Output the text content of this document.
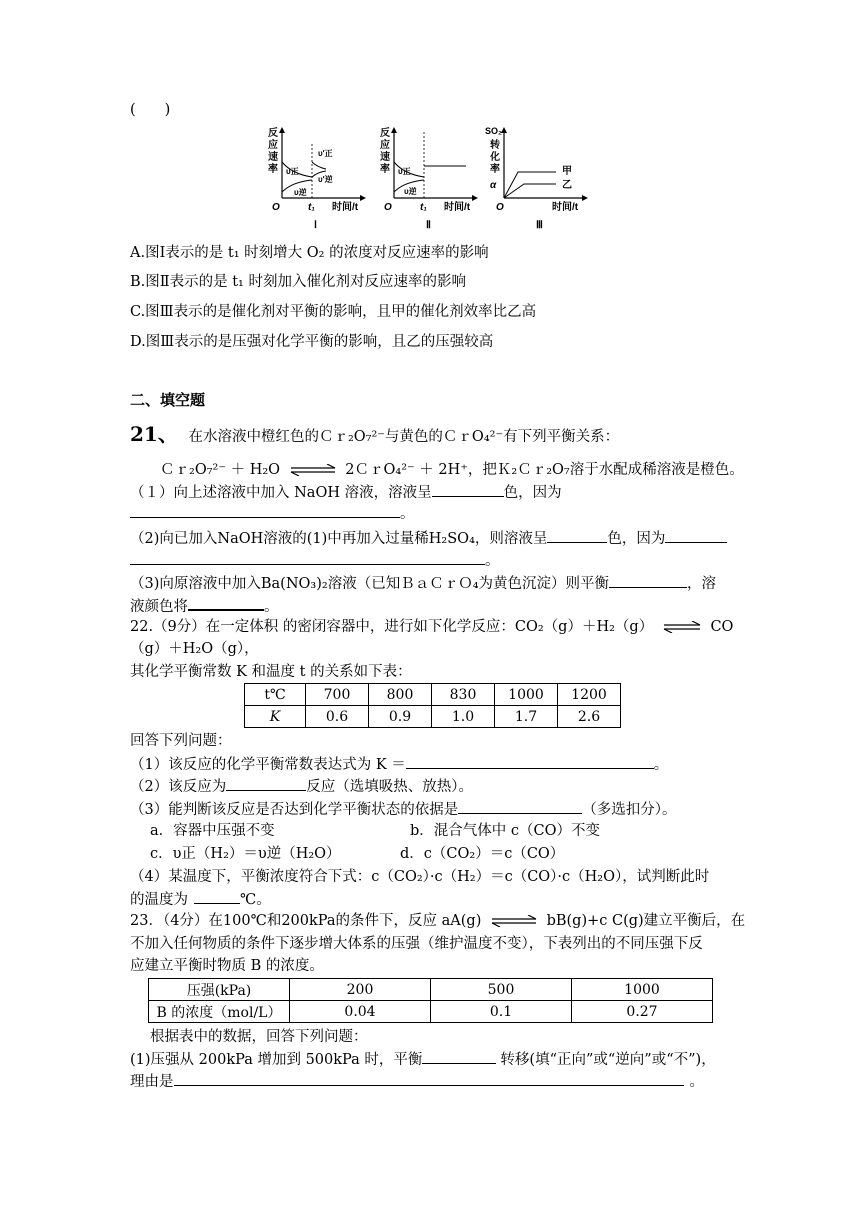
(　　)
反
应
速
率
O	t₁ 时间/t
υ正
υ逆
υ′正
υ′逆
Ⅰ
反
应
速
率
O	t₁ 时间/t
υ正
υ逆
Ⅱ
SO₂
转
化
率
α
O	时间/t
甲
乙
Ⅲ
A.图Ⅰ表示的是 t₁ 时刻增大 O₂ 的浓度对反应速率的影响
B.图Ⅱ表示的是 t₁ 时刻加入催化剂对反应速率的影响
C.图Ⅲ表示的是催化剂对平衡的影响，且甲的催化剂效率比乙高
D.图Ⅲ表示的是压强对化学平衡的影响，且乙的压强较高
二、填空题
21、 在水溶液中橙红色的Ｃｒ₂O₇²⁻与黄色的ＣｒO₄²⁻有下列平衡关系：
Ｃｒ₂O₇²⁻ ＋ H₂O ⇌ 2ＣｒO₄²⁻ ＋ 2H⁺，把Ｋ₂Ｃｒ₂O₇溶于水配成稀溶液是橙色。
（１）向上述溶液中加入 NaOH 溶液，溶液呈	色，因为
。
（2)向已加入NaOH溶液的(1)中再加入过量稀H₂SO₄，则溶液呈	色，因为
。
（3)向原溶液中加入Ba(NO₃)₂溶液（已知ＢａＣｒＯ₄为黄色沉淀）则平衡	，溶
液颜色将	。
22.（9分）在一定体积 的密闭容器中，进行如下化学反应：CO₂（g）＋H₂（g） ⇌ CO
（g）＋H₂O（g），
其化学平衡常数 K 和温度 t 的关系如下表：
t℃	700	800	830	1000	1200
K	0.6	0.9	1.0	1.7	2.6
回答下列问题：
（1）该反应的化学平衡常数表达式为 K ＝	。
（2）该反应为	反应（选填吸热、放热）。
（3）能判断该反应是否达到化学平衡状态的依据是	（多选扣分）。
a．容器中压强不变	b．混合气体中 c（CO）不变
c．υ正（H₂）＝υ逆（H₂O）	d．c（CO₂）＝c（CO）
（4）某温度下，平衡浓度符合下式：c（CO₂）·c（H₂）＝c（CO）·c（H₂O），试判断此时
的温度为	℃。
23．（4分）在100℃和200kPa的条件下，反应 aA(g) ⇌ bB(g)+c C(g)建立平衡后，在
不加入任何物质的条件下逐步增大体系的压强（维护温度不变），下表列出的不同压强下反
应建立平衡时物质 B 的浓度。
压强(kPa)	200	500	1000
B 的浓度（mol/L）	0.04	0.1	0.27
根据表中的数据，回答下列问题：
(1)压强从 200kPa 增加到 500kPa 时，平衡	转移(填“正向”或“逆向”或“不”)，
理由是	。
